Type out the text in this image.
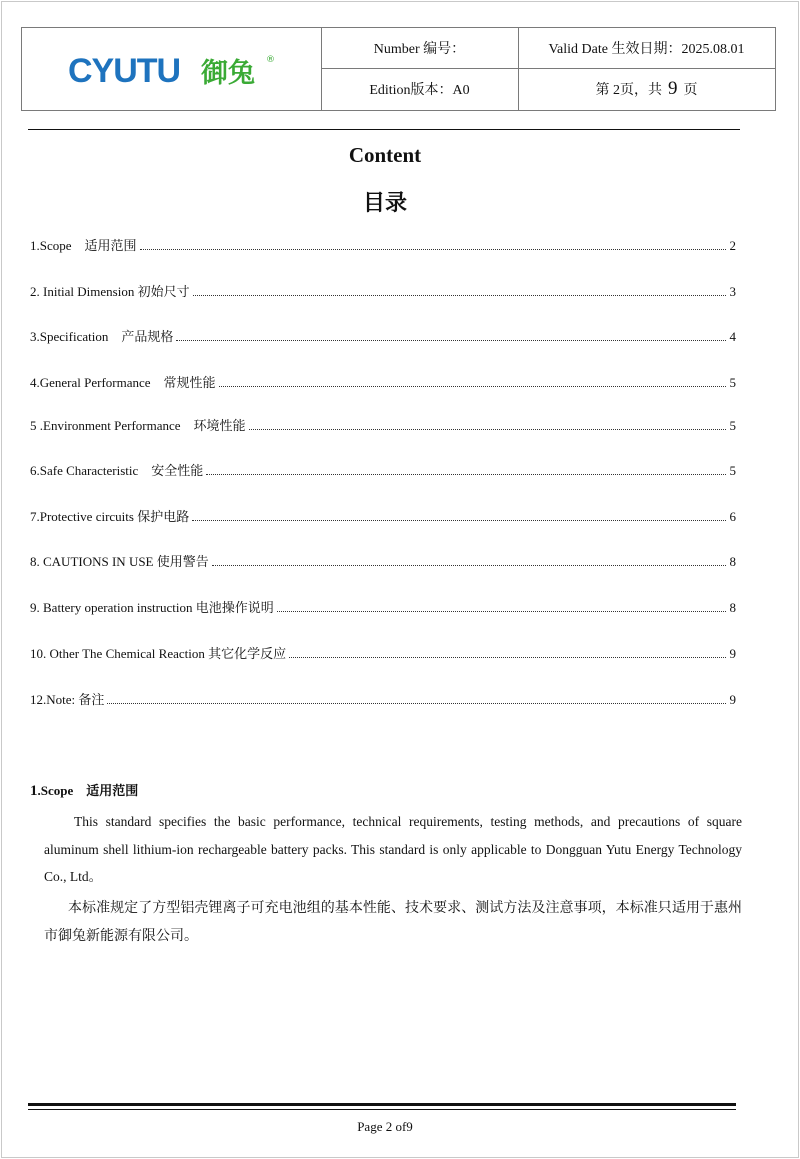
CYUTU 御兔 ®
Number 编号：	Valid Date 生效日期：2025.08.01
Edition版本：A0	第 2页，共 9 页
Content
目录
1.Scope　适用范围	2
2. Initial Dimension 初始尺寸	3
3.Specification　产品规格	4
4.General Performance　常规性能	5
5 .Environment Performance　环境性能	5
6.Safe Characteristic　安全性能	5
7.Protective circuits 保护电路	6
8. CAUTIONS IN USE 使用警告	8
9. Battery operation instruction 电池操作说明	8
10. Other The Chemical Reaction 其它化学反应	9
12.Note: 备注	9
1.Scope　适用范围
This standard specifies the basic performance, technical requirements, testing methods, and precautions of square aluminum shell lithium-ion rechargeable battery packs. This standard is only applicable to Dongguan Yutu Energy Technology Co., Ltd。
本标准规定了方型铝壳锂离子可充电池组的基本性能、技术要求、测试方法及注意事项，本标准只适用于惠州市御兔新能源有限公司。
Page 2 of9
